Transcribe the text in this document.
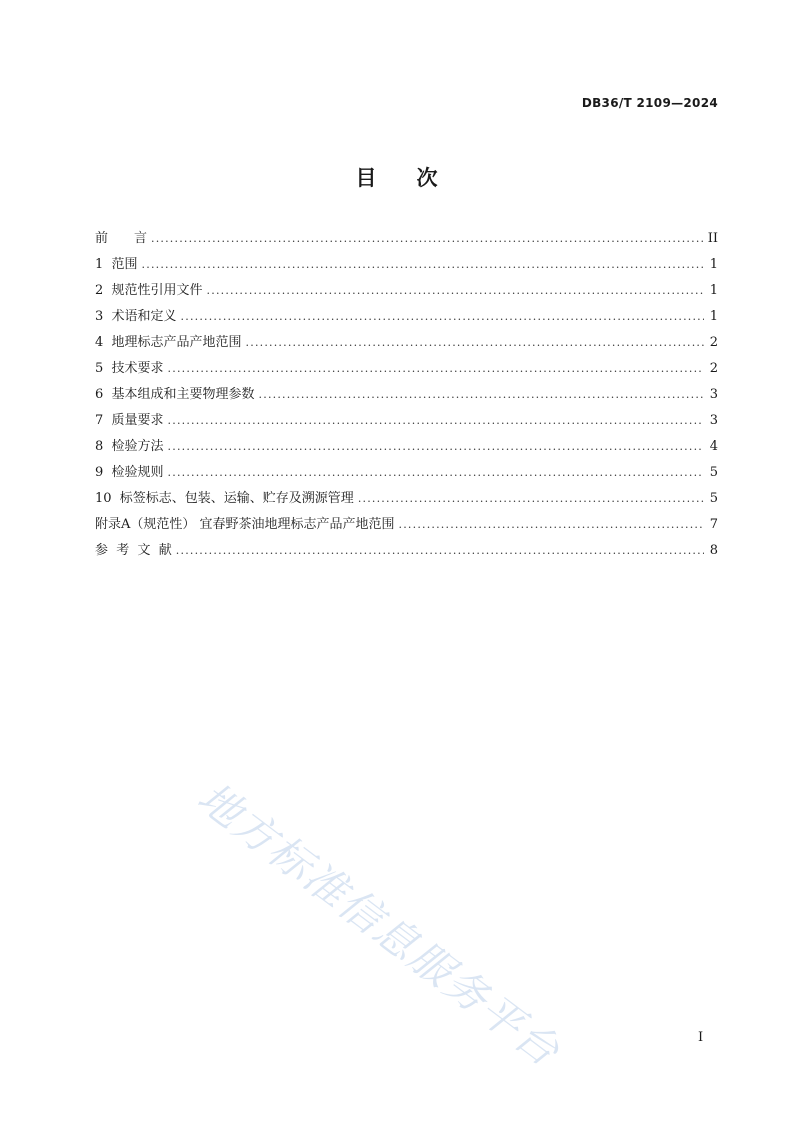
DB36/T 2109—2024
目 次
前　　言 .....	II
1  范围 .....	1
2  规范性引用文件 .....	1
3  术语和定义 .....	1
4  地理标志产品产地范围 .....	2
5  技术要求 .....	2
6  基本组成和主要物理参数 .....	3
7  质量要求 .....	3
8  检验方法 .....	4
9  检验规则 .....	5
10  标签标志、包装、运输、贮存及溯源管理 .....	5
附录A（规范性） 宜春野茶油地理标志产品产地范围 .....	7
参  考  文  献 .....	8
地方标准信息服务平台	I
